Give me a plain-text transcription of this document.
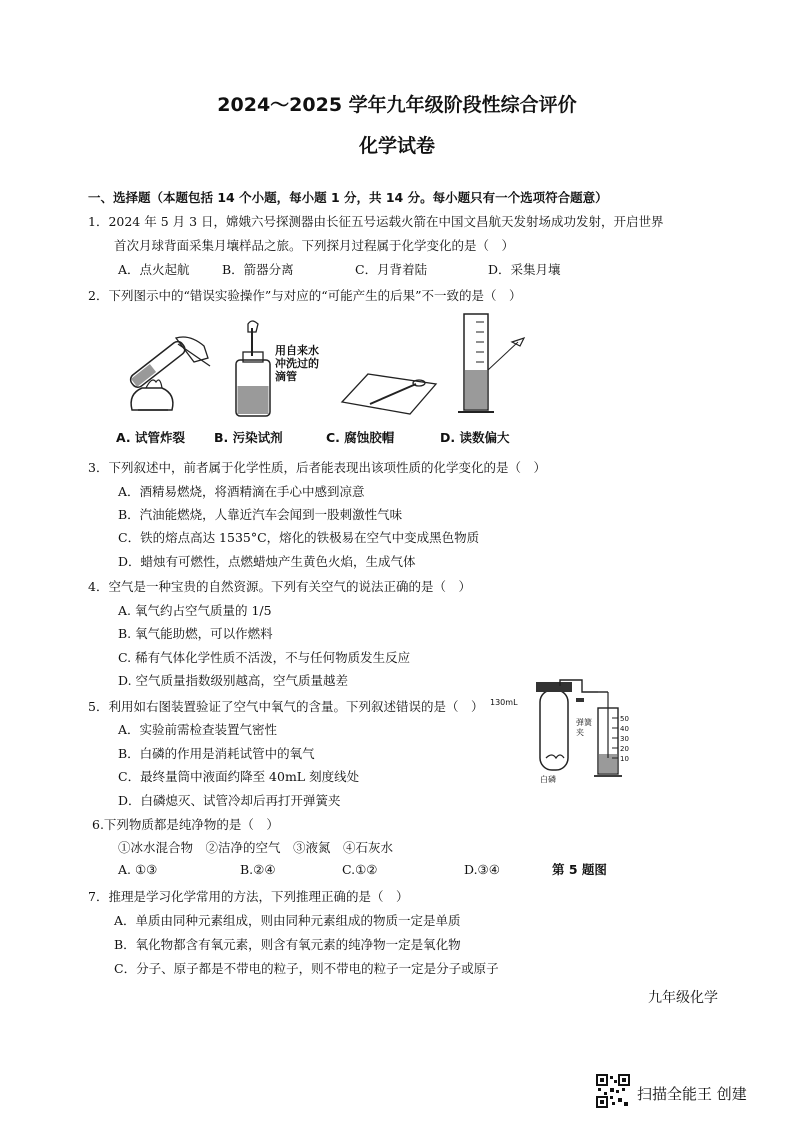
2024～2025 学年九年级阶段性综合评价
化学试卷
一、选择题（本题包括 14 个小题，每小题 1 分，共 14 分。每小题只有一个选项符合题意）
1．2024 年 5 月 3 日，嫦娥六号探测器由长征五号运载火箭在中国文昌航天发射场成功发射，开启世界
首次月球背面采集月壤样品之旅。下列探月过程属于化学变化的是（　）
A．点火起航	B．箭器分离	C．月背着陆	D．采集月壤
2．下列图示中的“错误实验操作”与对应的“可能产生的后果”不一致的是（　）
用自来水
冲洗过的
滴管
A. 试管炸裂 B. 污染试剂	C. 腐蚀胶帽	D. 读数偏大
3．下列叙述中，前者属于化学性质，后者能表现出该项性质的化学变化的是（　）
A．酒精易燃烧，将酒精滴在手心中感到凉意
B．汽油能燃烧，人靠近汽车会闻到一股刺激性气味
C．铁的熔点高达 1535°C，熔化的铁极易在空气中变成黑色物质
D．蜡烛有可燃性，点燃蜡烛产生黄色火焰，生成气体
4．空气是一种宝贵的自然资源。下列有关空气的说法正确的是（　）
A. 氧气约占空气质量的 1/5
B. 氧气能助燃，可以作燃料
C. 稀有气体化学性质不活泼，不与任何物质发生反应
D. 空气质量指数级别越高，空气质量越差
5．利用如右图装置验证了空气中氧气的含量。下列叙述错误的是（　）
A．实验前需检查装置气密性
B．白磷的作用是消耗试管中的氧气
C．最终量筒中液面约降至 40mL 刻度线处
D．白磷熄灭、试管冷却后再打开弹簧夹
130mL
弹簧
夹
白磷
50
40
30
20
10
6.下列物质都是纯净物的是（　）
①冰水混合物　②洁净的空气　③液氮　④石灰水
A. ①③	B.②④	C.①②	D.③④	第 5 题图
7．推理是学习化学常用的方法，下列推理正确的是（　）
A．单质由同种元素组成，则由同种元素组成的物质一定是单质
B．氧化物都含有氧元素，则含有氧元素的纯净物一定是氧化物
C．分子、原子都是不带电的粒子，则不带电的粒子一定是分子或原子
九年级化学
扫描全能王 创建
